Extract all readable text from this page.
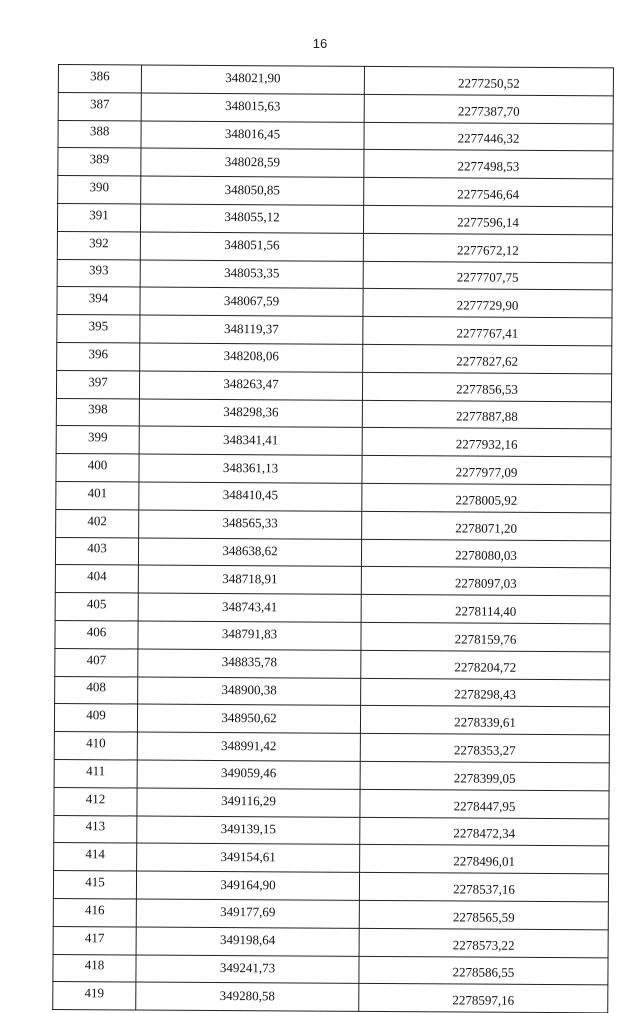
16
386	348021,90	2277250,52
387	348015,63	2277387,70
388	348016,45	2277446,32
389	348028,59	2277498,53
390	348050,85	2277546,64
391	348055,12	2277596,14
392	348051,56	2277672,12
393	348053,35	2277707,75
394	348067,59	2277729,90
395	348119,37	2277767,41
396	348208,06	2277827,62
397	348263,47	2277856,53
398	348298,36	2277887,88
399	348341,41	2277932,16
400	348361,13	2277977,09
401	348410,45	2278005,92
402	348565,33	2278071,20
403	348638,62	2278080,03
404	348718,91	2278097,03
405	348743,41	2278114,40
406	348791,83	2278159,76
407	348835,78	2278204,72
408	348900,38	2278298,43
409	348950,62	2278339,61
410	348991,42	2278353,27
411	349059,46	2278399,05
412	349116,29	2278447,95
413	349139,15	2278472,34
414	349154,61	2278496,01
415	349164,90	2278537,16
416	349177,69	2278565,59
417	349198,64	2278573,22
418	349241,73	2278586,55
419	349280,58	2278597,16
